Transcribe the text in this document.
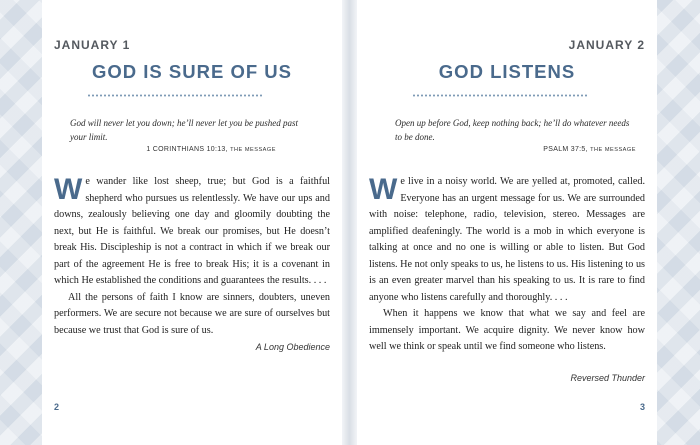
JANUARY 1
GOD IS SURE OF US
God will never let you down; he’ll never let you be pushed past your limit.
1 CORINTHIANS 10:13, THE MESSAGE

We wander like lost sheep, true; but God is a faithful shepherd who pursues us relentlessly. We have our ups and downs, zealously believing one day and gloomily doubting the next, but He is faithful. We break our promises, but He doesn’t break His. Discipleship is not a contract in which if we break our part of the agreement He is free to break His; it is a covenant in which He established the conditions and guarantees the results. . . .

All the persons of faith I know are sinners, doubters, uneven performers. We are secure not because we are sure of ourselves but because we trust that God is sure of us.

A Long Obedience
2
JANUARY 2
GOD LISTENS
Open up before God, keep nothing back; he’ll do whatever needs to be done.
PSALM 37:5, THE MESSAGE

We live in a noisy world. We are yelled at, promoted, called. Everyone has an urgent message for us. We are surrounded with noise: telephone, radio, television, stereo. Messages are amplified deafeningly. The world is a mob in which everyone is talking at once and no one is willing or able to listen. But God listens. He not only speaks to us, he listens to us. His listening to us is an even greater marvel than his speaking to us. It is rare to find anyone who listens carefully and thoroughly. . . .

When it happens we know that what we say and feel are immensely important. We acquire dignity. We never know how well we think or speak until we find someone who listens.

Reversed Thunder
3
